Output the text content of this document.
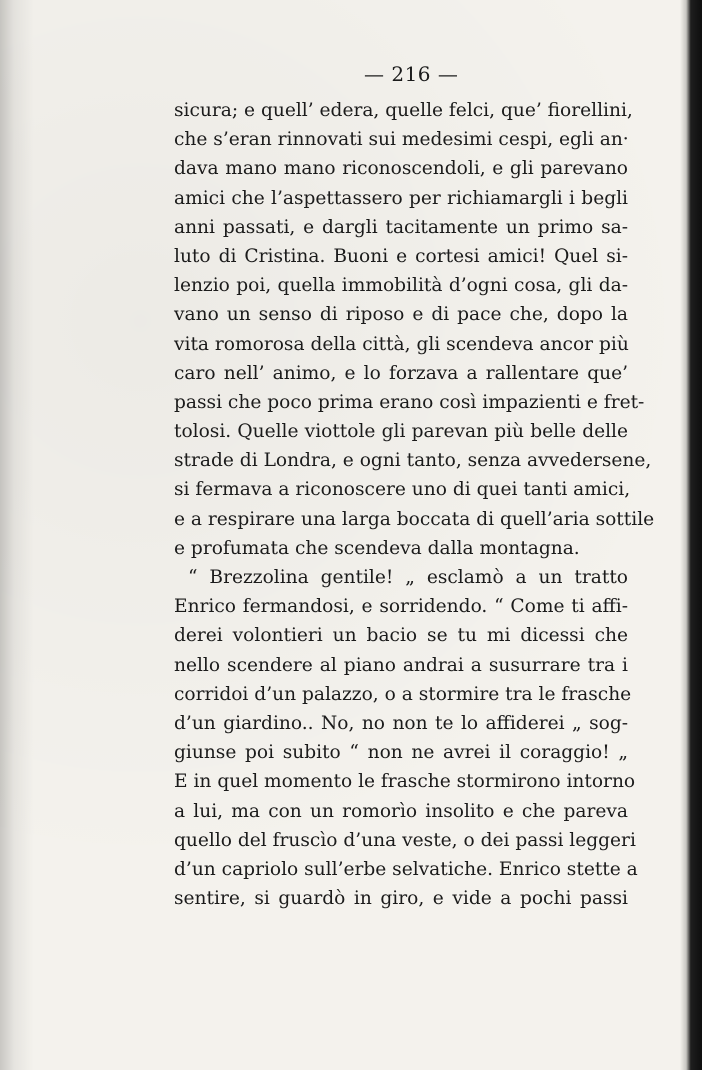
— 216 —
sicura; e quell’ edera, quelle felci, que’ fiorellini,
che s’eran rinnovati sui medesimi cespi, egli an·
dava mano mano riconoscendoli, e gli parevano
amici che l’aspettassero per richiamargli i begli
anni passati, e dargli tacitamente un primo sa-
luto di Cristina. Buoni e cortesi amici! Quel si-
lenzio poi, quella immobilità d’ogni cosa, gli da-
vano un senso di riposo e di pace che, dopo la
vita romorosa della città, gli scendeva ancor più
caro nell’ animo, e lo forzava a rallentare que’
passi che poco prima erano così impazienti e fret-
tolosi. Quelle viottole gli parevan più belle delle
strade di Londra, e ogni tanto, senza avvedersene,
si fermava a riconoscere uno di quei tanti amici,
e a respirare una larga boccata di quell’aria sottile
e profumata che scendeva dalla montagna.
“ Brezzolina gentile! „ esclamò a un tratto
Enrico fermandosi, e sorridendo. “ Come ti affi-
derei volontieri un bacio se tu mi dicessi che
nello scendere al piano andrai a susurrare tra i
corridoi d’un palazzo, o a stormire tra le frasche
d’un giardino.. No, no non te lo affiderei „ sog-
giunse poi subito “ non ne avrei il coraggio! „
E in quel momento le frasche stormirono intorno
a lui, ma con un romorìo insolito e che pareva
quello del fruscìo d’una veste, o dei passi leggeri
d’un capriolo sull’erbe selvatiche. Enrico stette a
sentire, si guardò in giro, e vide a pochi passi
